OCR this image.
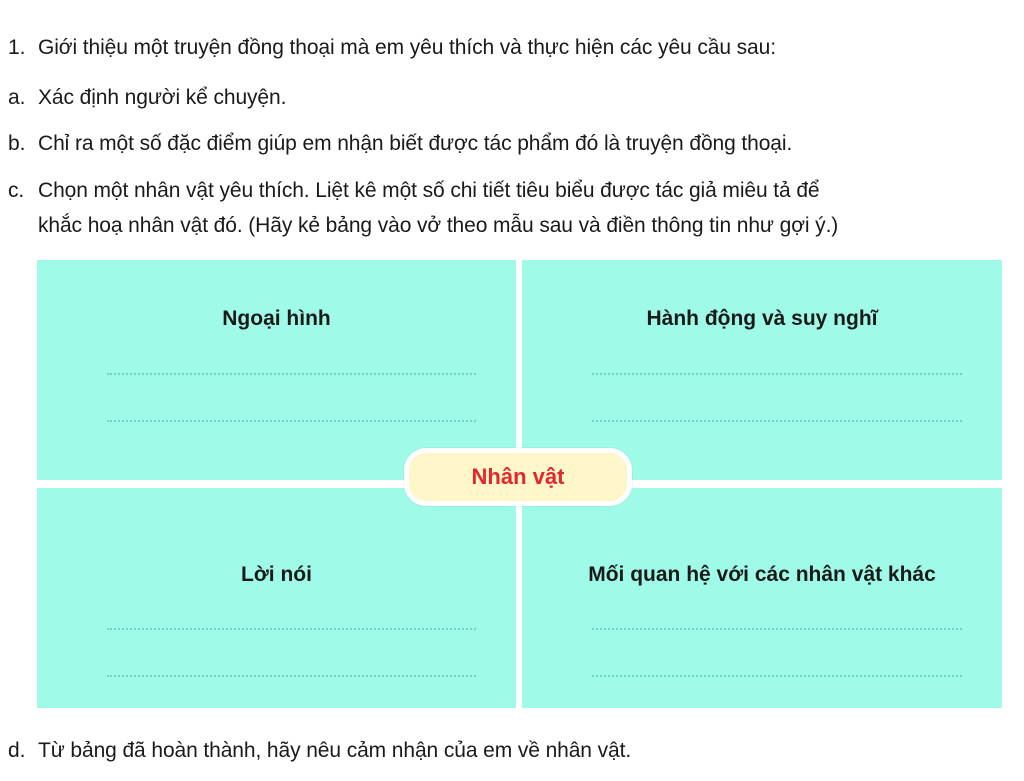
1. Giới thiệu một truyện đồng thoại mà em yêu thích và thực hiện các yêu cầu sau:
a. Xác định người kể chuyện.
b. Chỉ ra một số đặc điểm giúp em nhận biết được tác phẩm đó là truyện đồng thoại.
c. Chọn một nhân vật yêu thích. Liệt kê một số chi tiết tiêu biểu được tác giả miêu tả để
khắc hoạ nhân vật đó. (Hãy kẻ bảng vào vở theo mẫu sau và điền thông tin như gợi ý.)
Ngoại hình	Hành động và suy nghĩ
Lời nói	Mối quan hệ với các nhân vật khác
Nhân vật
d. Từ bảng đã hoàn thành, hãy nêu cảm nhận của em về nhân vật.
